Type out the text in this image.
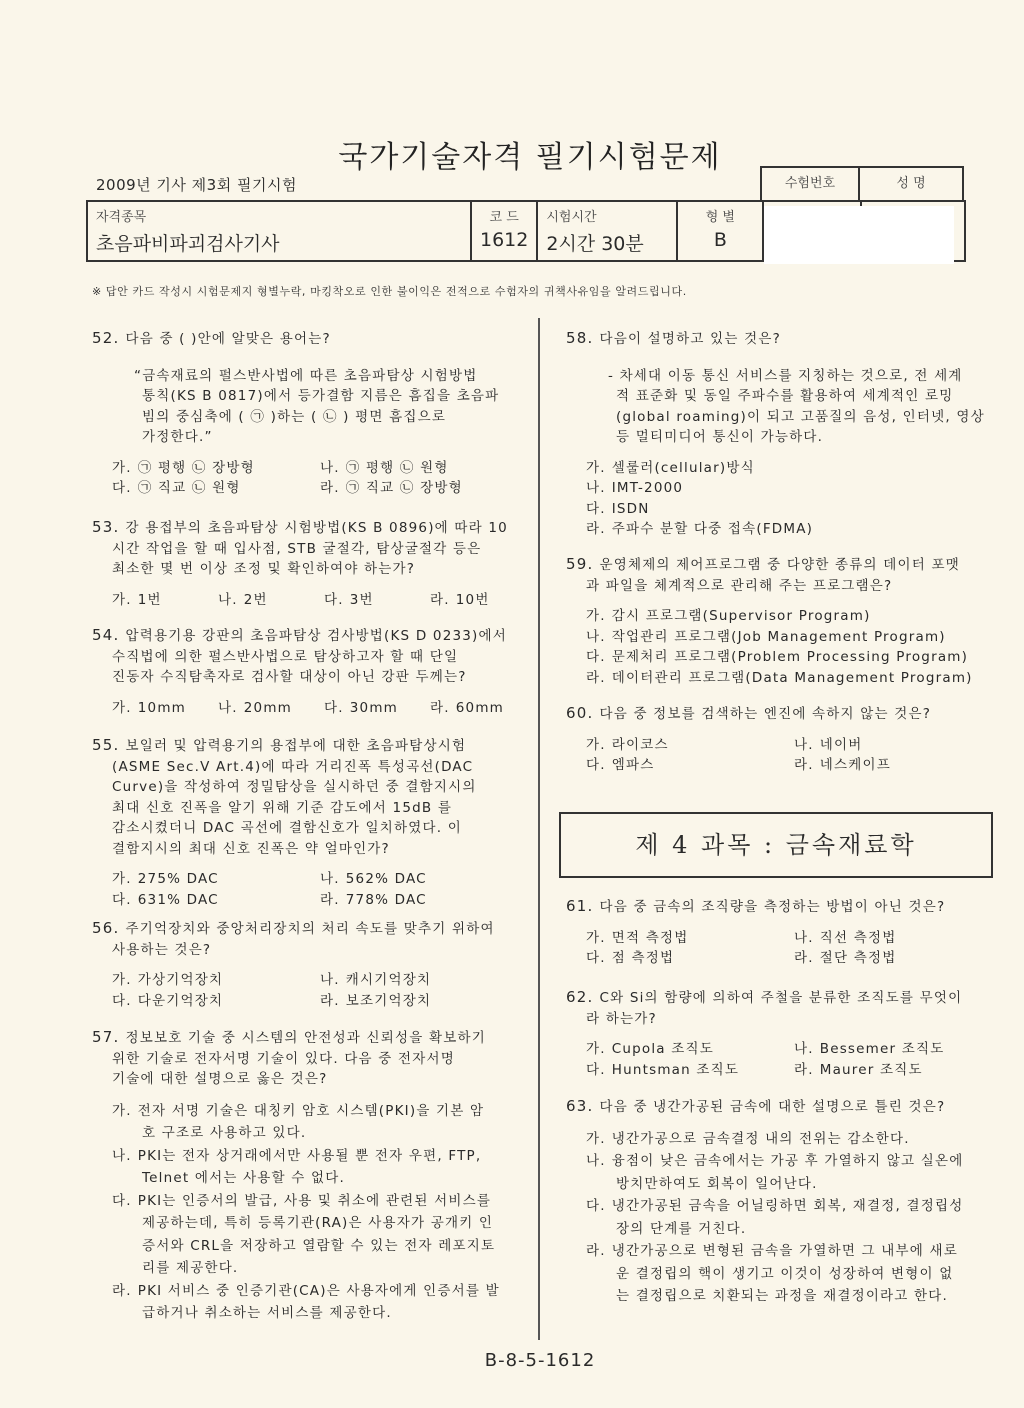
국가기술자격 필기시험문제
2009년 기사 제3회 필기시험	수험번호	성 명
자격종목
초음파비파괴검사기사

코 드
1612

시험시간
2시간 30분

형 별
B

※ 답안 카드 작성시 시험문제지 형별누락, 마킹착오로 인한 불이익은 전적으로 수험자의 귀책사유임을 알려드립니다.
52. 다음 중 ( )안에 알맞은 용어는?
“금속재료의 펄스반사법에 따른 초음파탐상 시험방법
통칙(KS B 0817)에서 등가결함 지름은 흠집을 초음파
빔의 중심축에 ( ㉠ )하는 ( ㉡ ) 평면 흠집으로
가정한다.”
가. ㉠ 평행 ㉡ 장방형	나. ㉠ 평행 ㉡ 원형
다. ㉠ 직교 ㉡ 원형	라. ㉠ 직교 ㉡ 장방형
53. 강 용접부의 초음파탐상 시험방법(KS B 0896)에 따라 10
시간 작업을 할 때 입사점, STB 굴절각, 탐상굴절각 등은
최소한 몇 번 이상 조정 및 확인하여야 하는가?
가. 1번	나. 2번	다. 3번	라. 10번
54. 압력용기용 강판의 초음파탐상 검사방법(KS D 0233)에서
수직법에 의한 펄스반사법으로 탐상하고자 할 때 단일
진동자 수직탐촉자로 검사할 대상이 아닌 강판 두께는?
가. 10mm	나. 20mm	다. 30mm	라. 60mm
55. 보일러 및 압력용기의 용접부에 대한 초음파탐상시험
(ASME Sec.V Art.4)에 따라 거리진폭 특성곡선(DAC
Curve)을 작성하여 정밀탐상을 실시하던 중 결함지시의
최대 신호 진폭을 알기 위해 기준 감도에서 15dB 를
감소시켰더니 DAC 곡선에 결함신호가 일치하였다. 이
결함지시의 최대 신호 진폭은 약 얼마인가?
가. 275% DAC	나. 562% DAC
다. 631% DAC	라. 778% DAC
56. 주기억장치와 중앙처리장치의 처리 속도를 맞추기 위하여
사용하는 것은?
가. 가상기억장치	나. 캐시기억장치
다. 다운기억장치	라. 보조기억장치
57. 정보보호 기술 중 시스템의 안전성과 신뢰성을 확보하기
위한 기술로 전자서명 기술이 있다. 다음 중 전자서명
기술에 대한 설명으로 옳은 것은?
가. 전자 서명 기술은 대칭키 암호 시스템(PKI)을 기본 암
호 구조로 사용하고 있다.
나. PKI는 전자 상거래에서만 사용될 뿐 전자 우편, FTP,
Telnet 에서는 사용할 수 없다.
다. PKI는 인증서의 발급, 사용 및 취소에 관련된 서비스를
제공하는데, 특히 등록기관(RA)은 사용자가 공개키 인
증서와 CRL을 저장하고 열람할 수 있는 전자 레포지토
리를 제공한다.
라. PKI 서비스 중 인증기관(CA)은 사용자에게 인증서를 발
급하거나 취소하는 서비스를 제공한다.
58. 다음이 설명하고 있는 것은?
- 차세대 이동 통신 서비스를 지칭하는 것으로, 전 세계
적 표준화 및 동일 주파수를 활용하여 세계적인 로밍
(global roaming)이 되고 고품질의 음성, 인터넷, 영상
등 멀티미디어 통신이 가능하다.
가. 셀룰러(cellular)방식
나. IMT-2000
다. ISDN
라. 주파수 분할 다중 접속(FDMA)
59. 운영체제의 제어프로그램 중 다양한 종류의 데이터 포맷
과 파일을 체계적으로 관리해 주는 프로그램은?
가. 감시 프로그램(Supervisor Program)
나. 작업관리 프로그램(Job Management Program)
다. 문제처리 프로그램(Problem Processing Program)
라. 데이터관리 프로그램(Data Management Program)
60. 다음 중 정보를 검색하는 엔진에 속하지 않는 것은?
가. 라이코스	나. 네이버
다. 엠파스	라. 네스케이프
제 4 과목 : 금속재료학
61. 다음 중 금속의 조직량을 측정하는 방법이 아닌 것은?
가. 면적 측정법	나. 직선 측정법
다. 점 측정법	라. 절단 측정법
62. C와 Si의 함량에 의하여 주철을 분류한 조직도를 무엇이
라 하는가?
가. Cupola 조직도	나. Bessemer 조직도
다. Huntsman 조직도	라. Maurer 조직도
63. 다음 중 냉간가공된 금속에 대한 설명으로 틀린 것은?
가. 냉간가공으로 금속결정 내의 전위는 감소한다.
나. 융점이 낮은 금속에서는 가공 후 가열하지 않고 실온에
방치만하여도 회복이 일어난다.
다. 냉간가공된 금속을 어닐링하면 회복, 재결정, 결정립성
장의 단계를 거친다.
라. 냉간가공으로 변형된 금속을 가열하면 그 내부에 새로
운 결정립의 핵이 생기고 이것이 성장하여 변형이 없
는 결정립으로 치환되는 과정을 재결정이라고 한다.
B-8-5-1612
